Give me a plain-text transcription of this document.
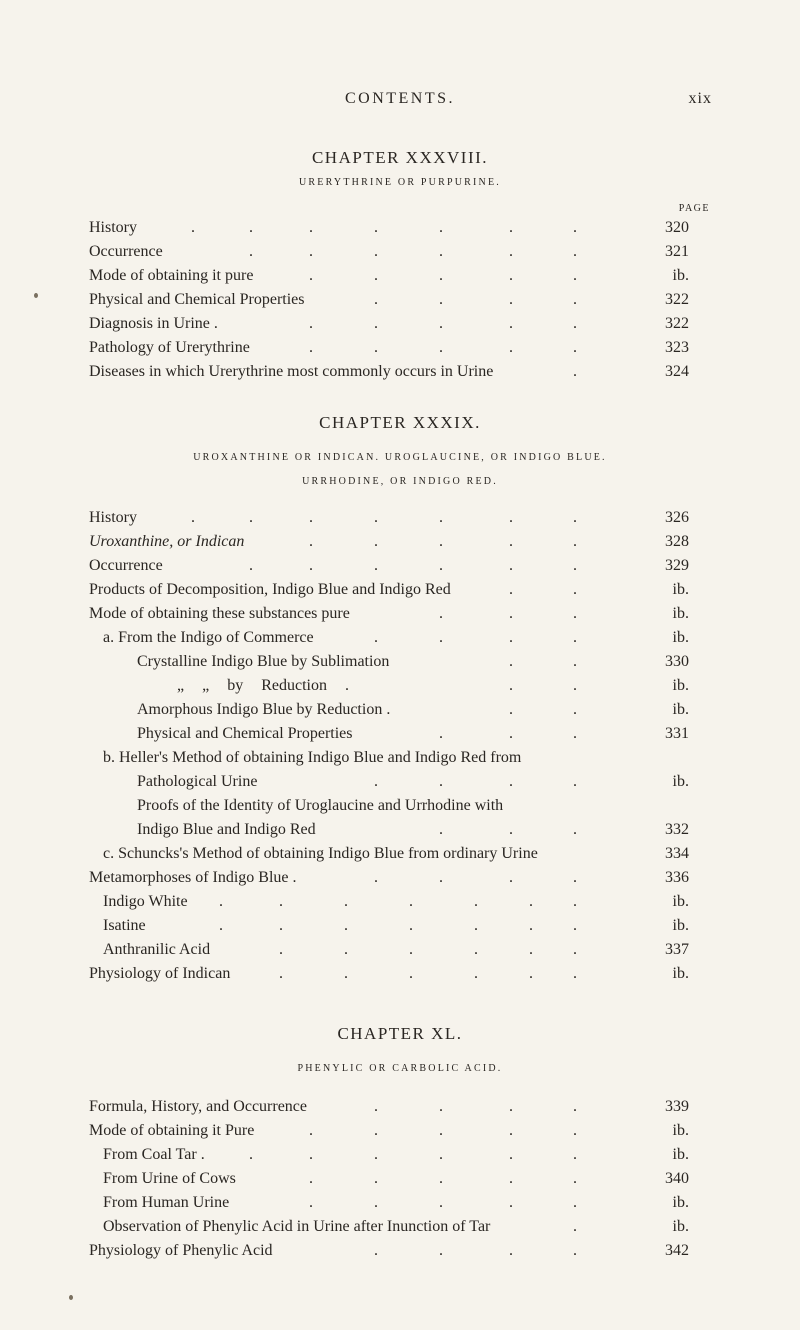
CONTENTS.	xix
CHAPTER XXXVIII.
URERYTHRINE OR PURPURINE.
PAGE
History	.	.	.	.	.	.	.	320
Occurrence	.	.	.	.	.	.	321
Mode of obtaining it pure	.	.	.	.	.	ib.
Physical and Chemical Properties	.	.	.	.	322
Diagnosis in Urine .	.	.	.	.	.	322
Pathology of Urerythrine	.	.	.	.	.	323
Diseases in which Urerythrine most commonly occurs in Urine	.	324
CHAPTER XXXIX.
UROXANTHINE OR INDICAN. UROGLAUCINE, OR INDIGO BLUE.
URRHODINE, OR INDIGO RED.
History	.	.	.	.	.	.	.	326
Uroxanthine, or Indican	.	.	.	.	.	328
Occurrence	.	.	.	.	.	.	329
Products of Decomposition, Indigo Blue and Indigo Red	.	.	ib.
Mode of obtaining these substances pure	.	.	.	ib.
a. From the Indigo of Commerce	.	.	.	.	ib.
Crystalline Indigo Blue by Sublimation	.	.	330
„ „ by Reduction .	.	.	ib.
Amorphous Indigo Blue by Reduction .	.	.	ib.
Physical and Chemical Properties	.	.	.	331
b. Heller's Method of obtaining Indigo Blue and Indigo Red from
Pathological Urine	.	.	.	.	ib.
Proofs of the Identity of Uroglaucine and Urrhodine with
Indigo Blue and Indigo Red	.	.	.	332
c. Schuncks's Method of obtaining Indigo Blue from ordinary Urine	334
Metamorphoses of Indigo Blue .	.	.	.	.	336
Indigo White .	.	.	.	.	.	.	ib.
Isatine	.	.	.	.	.	.	.	ib.
Anthranilic Acid	.	.	.	.	.	.	337
Physiology of Indican	.	.	.	.	.	.	ib.
CHAPTER XL.
PHENYLIC OR CARBOLIC ACID.
Formula, History, and Occurrence	.	.	.	.	339
Mode of obtaining it Pure	.	.	.	.	.	ib.
From Coal Tar .	.	.	.	.	.	.	ib.
From Urine of Cows	.	.	.	.	.	340
From Human Urine	.	.	.	.	.	ib.
Observation of Phenylic Acid in Urine after Inunction of Tar	.	ib.
Physiology of Phenylic Acid	.	.	.	.	342
